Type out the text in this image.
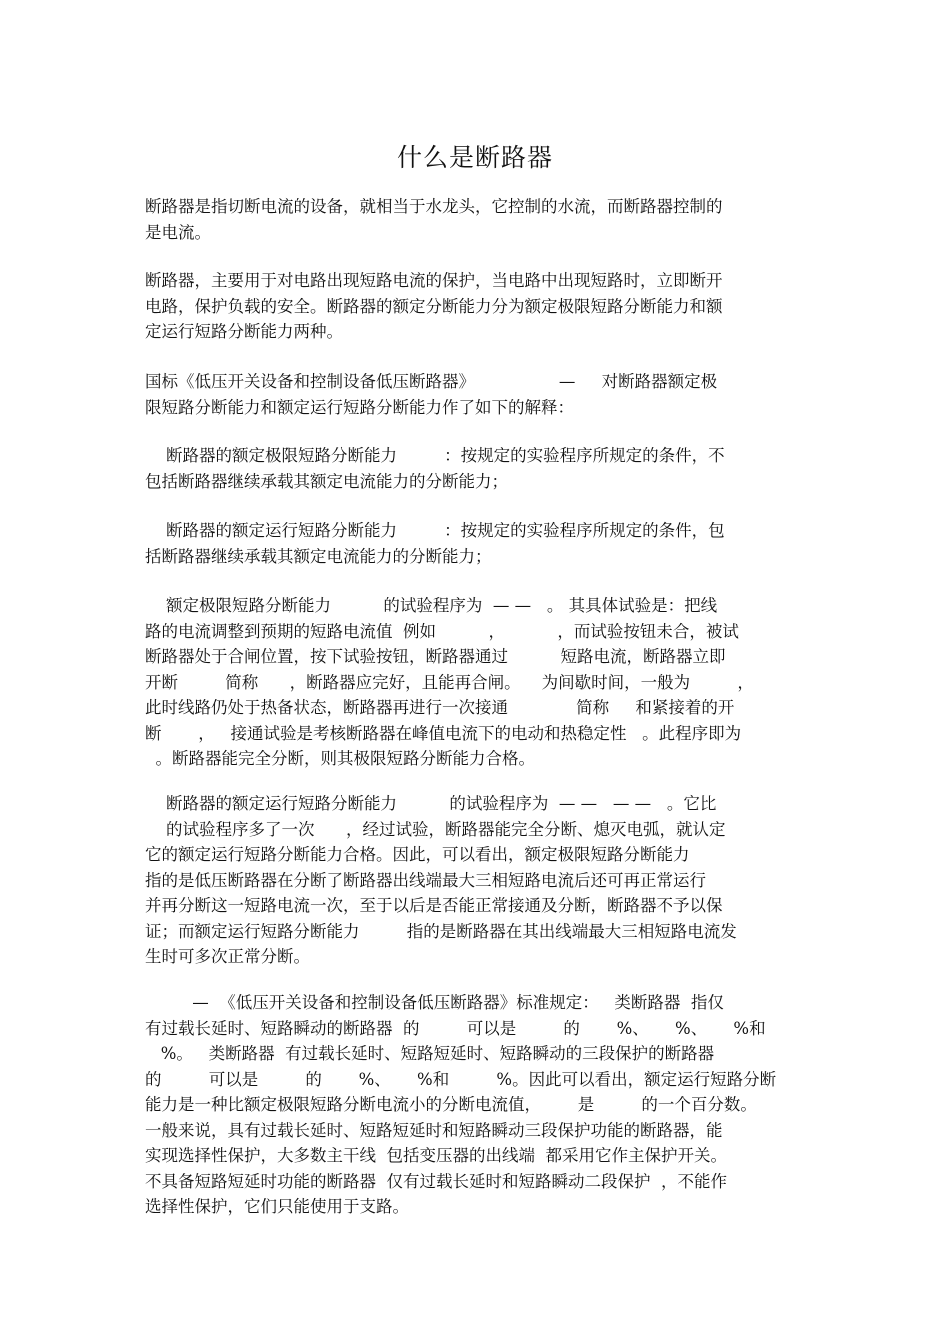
什么是断路器
断路器是指切断电流的设备，就相当于水龙头，它控制的水流，而断路器控制的
是电流。
断路器，主要用于对电路出现短路电流的保护，当电路中出现短路时，立即断开
电路，保护负载的安全。断路器的额定分断能力分为额定极限短路分断能力和额
定运行短路分断能力两种。
国标《低压开关设备和控制设备低压断路器》                —     对断路器额定极
限短路分断能力和额定运行短路分断能力作了如下的解释：
断路器的额定极限短路分断能力         ：按规定的实验程序所规定的条件，不
包括断路器继续承载其额定电流能力的分断能力；
断路器的额定运行短路分断能力         ：按规定的实验程序所规定的条件，包
括断路器继续承载其额定电流能力的分断能力；
额定极限短路分断能力          的试验程序为  — —   。 其具体试验是：把线
路的电流调整到预期的短路电流值  例如          ，          ，而试验按钮未合，被试
断路器处于合闸位置，按下试验按钮，断路器通过          短路电流，断路器立即
开断         简称      ，断路器应完好，且能再合闸。    为间歇时间，一般为         ，
此时线路仍处于热备状态，断路器再进行一次接通             简称     和紧接着的开
断       ，   接通试验是考核断路器在峰值电流下的电动和热稳定性   。此程序即为
。断路器能完全分断，则其极限短路分断能力合格。
断路器的额定运行短路分断能力          的试验程序为  — —   — —   。它比
的试验程序多了一次      ，经过试验，断路器能完全分断、熄灭电弧，就认定
它的额定运行短路分断能力合格。因此，可以看出，额定极限短路分断能力
指的是低压断路器在分断了断路器出线端最大三相短路电流后还可再正常运行
并再分断这一短路电流一次，至于以后是否能正常接通及分断，断路器不予以保
证；而额定运行短路分断能力         指的是断路器在其出线端最大三相短路电流发
生时可多次正常分断。
—  《低压开关设备和控制设备低压断路器》标准规定：   类断路器  指仅
有过载长延时、短路瞬动的断路器  的         可以是         的       %、     %、     %和
%。   类断路器  有过载长延时、短路短延时、短路瞬动的三段保护的断路器
的         可以是         的       %、     %和         %。因此可以看出，额定运行短路分断
能力是一种比额定极限短路分断电流小的分断电流值，       是         的一个百分数。
一般来说，具有过载长延时、短路短延时和短路瞬动三段保护功能的断路器，能
实现选择性保护，大多数主干线  包括变压器的出线端  都采用它作主保护开关。
不具备短路短延时功能的断路器  仅有过载长延时和短路瞬动二段保护  ，不能作
选择性保护，它们只能使用于支路。
